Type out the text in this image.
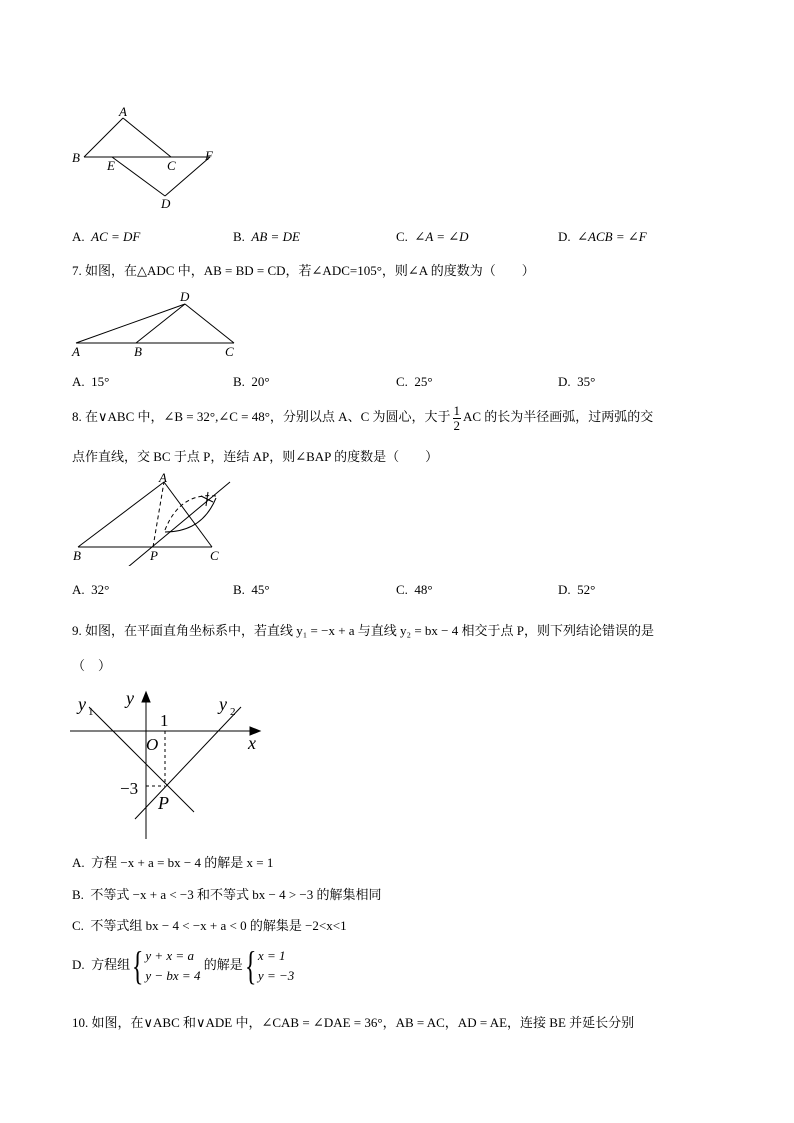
A
B
E	C
F
D
A. AC = DF	B. AB = DE	C. ∠A = ∠D	D. ∠ACB = ∠F
7. 如图，在△ADC 中，AB = BD = CD，若∠ADC=105°，则∠A 的度数为（　　）
D
A	B	C
A. 15°	B. 20°	C. 25°	D. 35°
8. 在∨ABC 中，∠B = 32°,∠C = 48°，分别以点 A、C 为圆心，大于 $\frac{1}{2}$ AC 的长为半径画弧，过两弧的交
点作直线，交 BC 于点 P，连结 AP，则∠BAP 的度数是（　　）
A
B	P	C
A. 32°	B. 45°	C. 48°	D. 52°
9. 如图，在平面直角坐标系中，若直线 y₁ = −x + a 与直线 y₂ = bx − 4 相交于点 P，则下列结论错误的是
（　）
y 1
y	y 2
1
O	x
−3
P
A. 方程 −x + a = bx − 4 的解是 x = 1
B. 不等式 −x + a < −3 和不等式 bx − 4 > −3 的解集相同
C. 不等式组 bx − 4 < −x + a < 0 的解集是 −2<x<1
D. 方程组{ y + x = a
y − bx = 4
的解是{ x = 1
y = −3
10. 如图，在∨ABC 和∨ADE 中，∠CAB = ∠DAE = 36°，AB = AC，AD = AE，连接 BE 并延长分别
